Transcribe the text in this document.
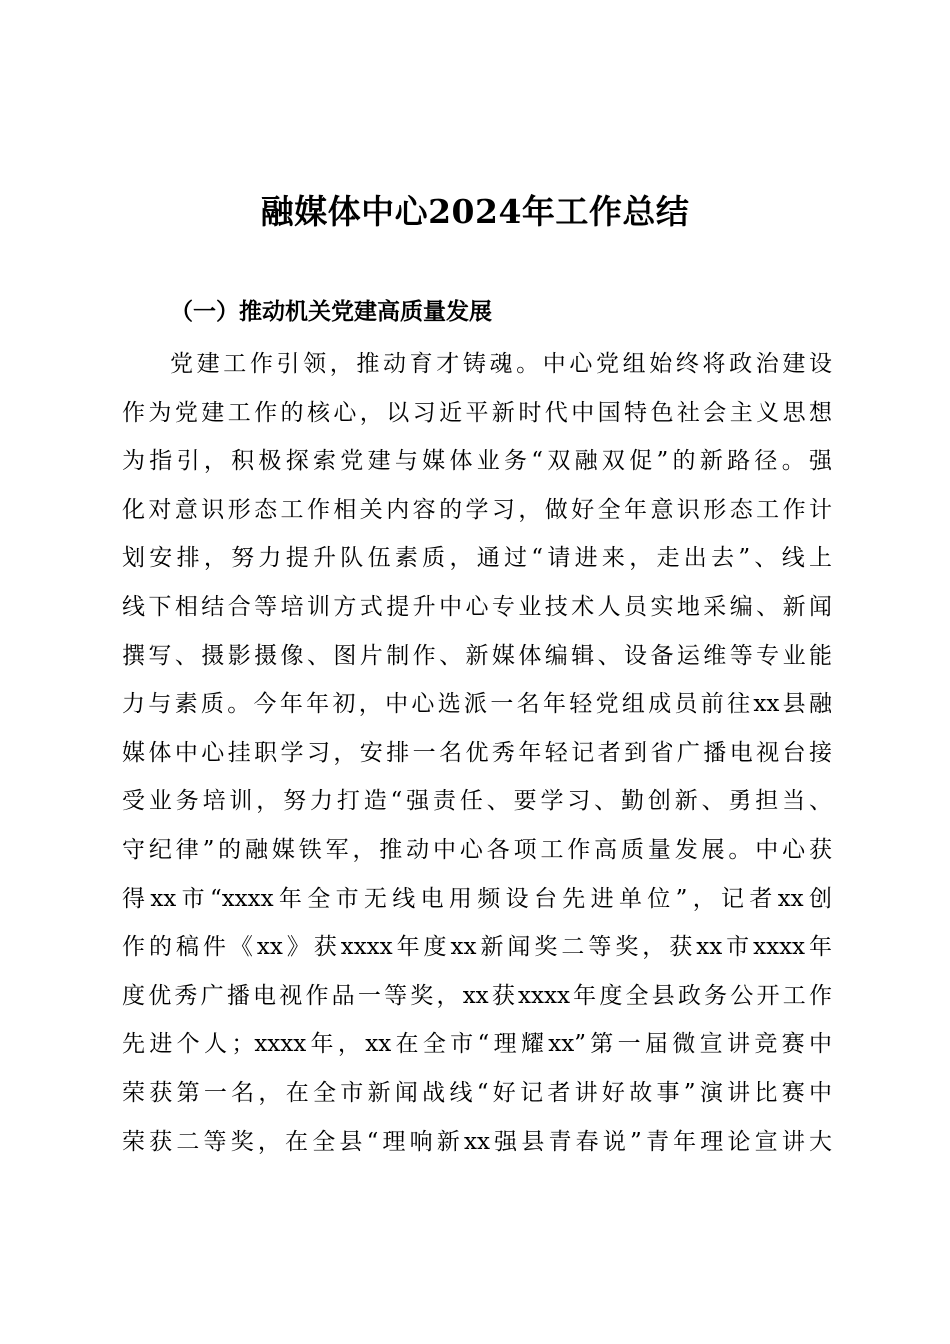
融媒体中心2024年工作总结
（一）推动机关党建高质量发展
党建工作引领，推动育才铸魂。中心党组始终将政治建设
作为党建工作的核心，以习近平新时代中国特色社会主义思想
为指引，积极探索党建与媒体业务“双融双促”的新路径。强
化对意识形态工作相关内容的学习，做好全年意识形态工作计
划安排，努力提升队伍素质，通过“请进来，走出去”、线上
线下相结合等培训方式提升中心专业技术人员实地采编、新闻
撰写、摄影摄像、图片制作、新媒体编辑、设备运维等专业能
力与素质。今年年初，中心选派一名年轻党组成员前往xx县融
媒体中心挂职学习，安排一名优秀年轻记者到省广播电视台接
受业务培训，努力打造“强责任、要学习、勤创新、勇担当、
守纪律”的融媒铁军，推动中心各项工作高质量发展。中心获
得xx市“xxxx年全市无线电用频设台先进单位”，记者xx创
作的稿件《xx》获xxxx年度xx新闻奖二等奖，获xx市xxxx年
度优秀广播电视作品一等奖，xx获xxxx年度全县政务公开工作
先进个人；xxxx年，xx在全市“理耀xx”第一届微宣讲竞赛中
荣获第一名，在全市新闻战线“好记者讲好故事”演讲比赛中
荣获二等奖，在全县“理响新xx强县青春说”青年理论宣讲大
